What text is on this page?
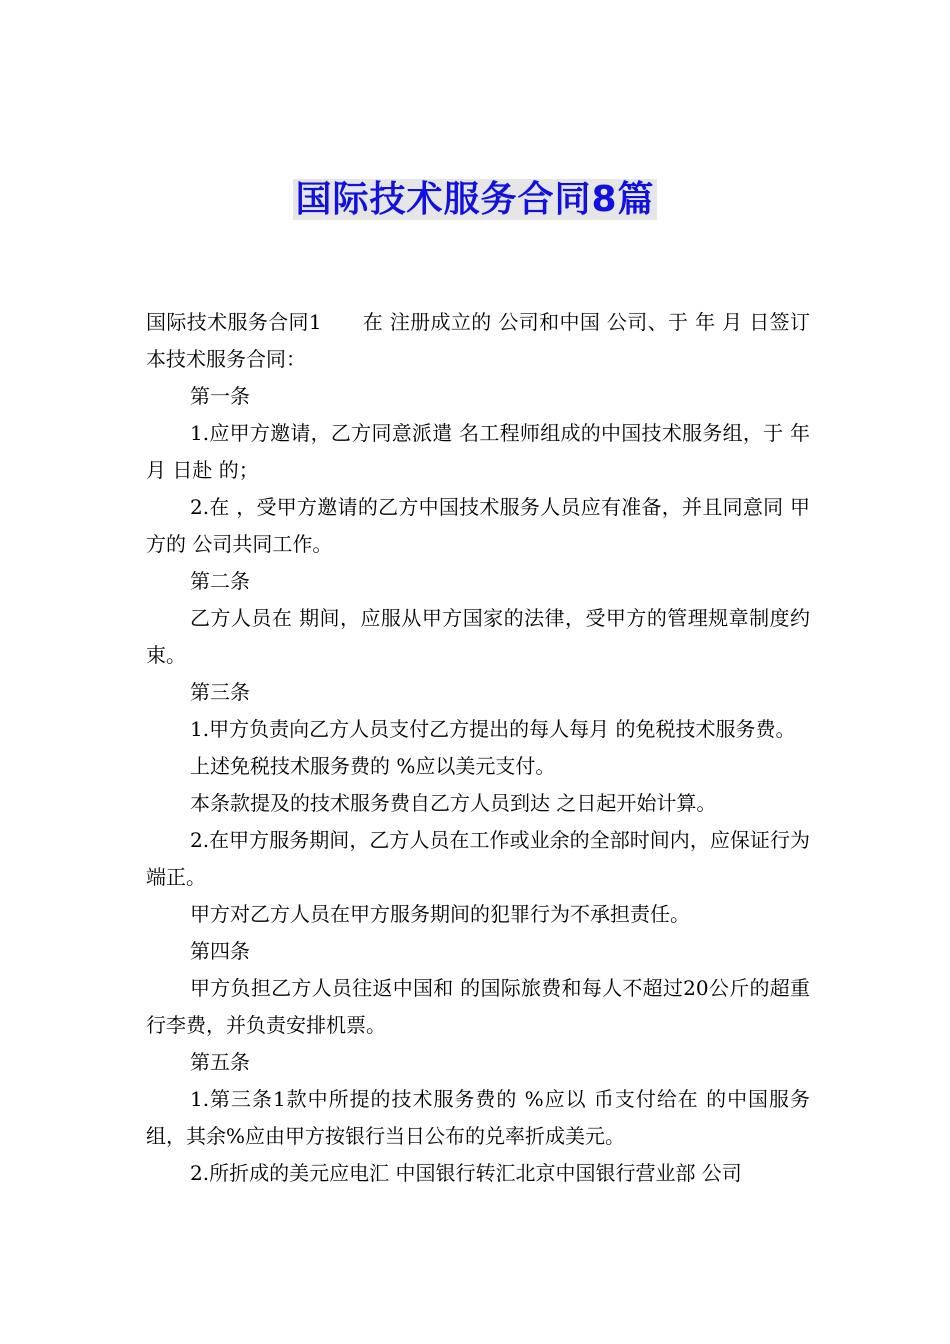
国际技术服务合同8篇

国际技术服务合同1　　在 注册成立的 公司和中国 公司、于 年 月 日签订本技术服务合同：

第一条

1.应甲方邀请，乙方同意派遣 名工程师组成的中国技术服务组，于 年 月 日赴 的；

2.在 ，受甲方邀请的乙方中国技术服务人员应有准备，并且同意同 甲方的 公司共同工作。

第二条

乙方人员在 期间，应服从甲方国家的法律，受甲方的管理规章制度约束。

第三条

1.甲方负责向乙方人员支付乙方提出的每人每月 的免税技术服务费。

上述免税技术服务费的 %应以美元支付。

本条款提及的技术服务费自乙方人员到达 之日起开始计算。

2.在甲方服务期间，乙方人员在工作或业余的全部时间内，应保证行为端正。

甲方对乙方人员在甲方服务期间的犯罪行为不承担责任。

第四条

甲方负担乙方人员往返中国和 的国际旅费和每人不超过20公斤的超重行李费，并负责安排机票。

第五条

1.第三条1款中所提的技术服务费的 %应以 币支付给在 的中国服务组，其余%应由甲方按银行当日公布的兑率折成美元。

2.所折成的美元应电汇 中国银行转汇北京中国银行营业部 公司
